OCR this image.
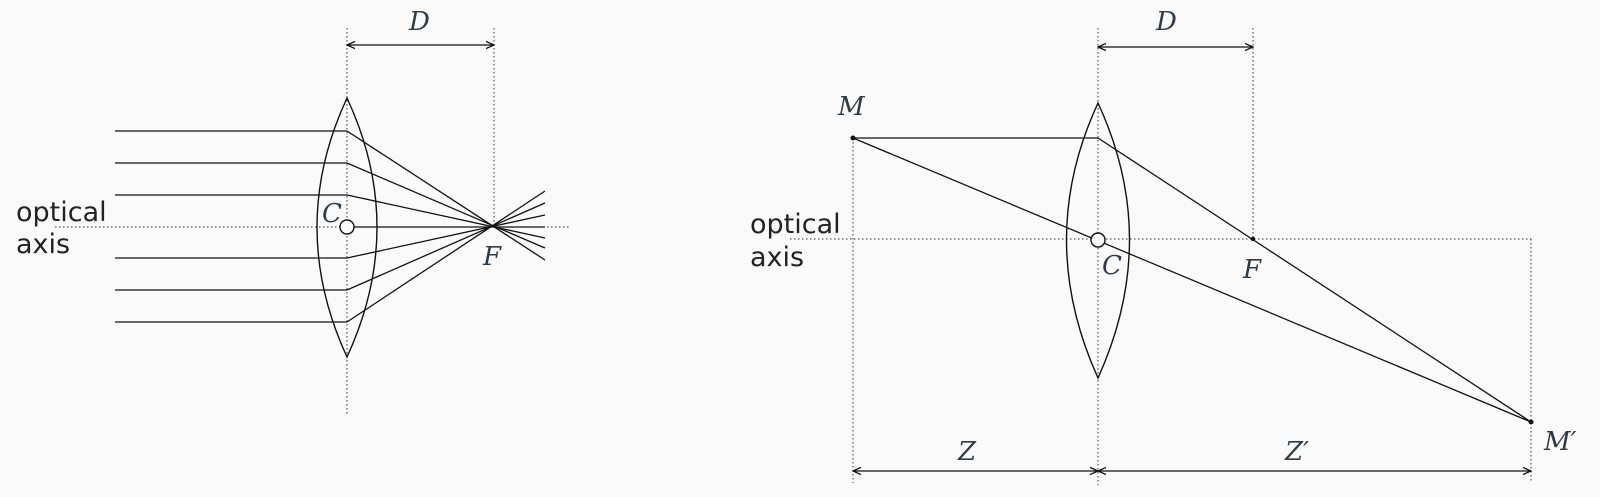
D
C
F
optical
axis
D
M
M′
C	F
Z	Z′
optical
axis
